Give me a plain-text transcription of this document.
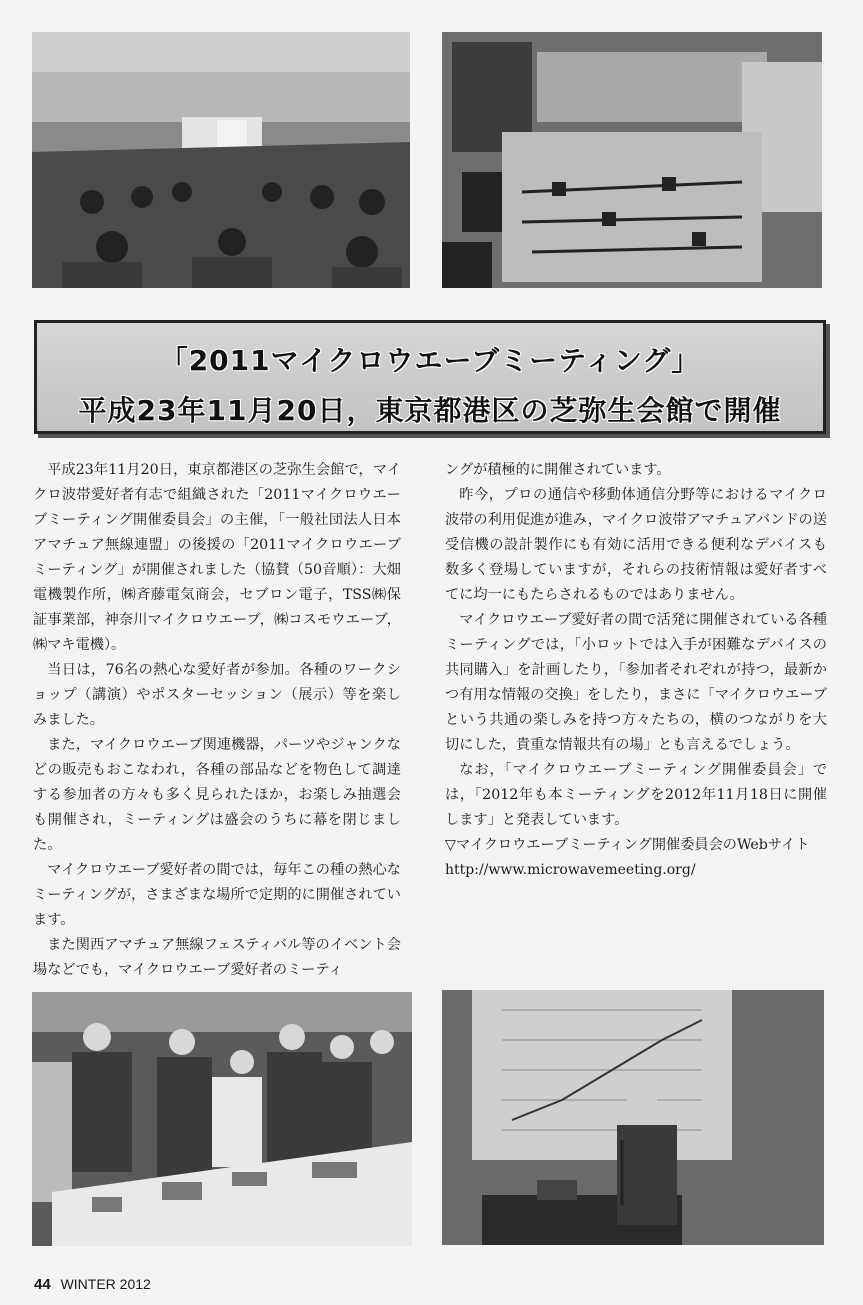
「2011マイクロウエーブミーティング」
平成23年11月20日，東京都港区の芝弥生会館で開催

平成23年11月20日，東京都港区の芝弥生会館で，マイクロ波帯愛好者有志で組織された「2011マイクロウエーブミーティング開催委員会」の主催，「一般社団法人日本アマチュア無線連盟」の後援の「2011マイクロウエーブミーティング」が開催されました（協賛（50音順）：大畑電機製作所，㈱斉藤電気商会，セブロン電子，TSS㈱保証事業部，神奈川マイクロウエーブ，㈱コスモウエーブ，㈱マキ電機）。

当日は，76名の熱心な愛好者が参加。各種のワークショップ（講演）やポスターセッション（展示）等を楽しみました。

また，マイクロウエーブ関連機器，パーツやジャンクなどの販売もおこなわれ，各種の部品などを物色して調達する参加者の方々も多く見られたほか，お楽しみ抽選会も開催され，ミーティングは盛会のうちに幕を閉じました。

マイクロウエーブ愛好者の間では，毎年この種の熱心なミーティングが，さまざまな場所で定期的に開催されています。

また関西アマチュア無線フェスティバル等のイベント会場などでも，マイクロウエーブ愛好者のミーティ

ングが積極的に開催されています。

昨今，プロの通信や移動体通信分野等におけるマイクロ波帯の利用促進が進み，マイクロ波帯アマチュアバンドの送受信機の設計製作にも有効に活用できる便利なデバイスも数多く登場していますが，それらの技術情報は愛好者すべてに均一にもたらされるものではありません。

マイクロウエーブ愛好者の間で活発に開催されている各種ミーティングでは，「小ロットでは入手が困難なデバイスの共同購入」を計画したり，「参加者それぞれが持つ，最新かつ有用な情報の交換」をしたり，まさに「マイクロウエーブという共通の楽しみを持つ方々たちの，横のつながりを大切にした，貴重な情報共有の場」とも言えるでしょう。

なお，「マイクロウエーブミーティング開催委員会」では，「2012年も本ミーティングを2012年11月18日に開催します」と発表しています。

▽マイクロウエーブミーティング開催委員会のWebサイト

http://www.microwavemeeting.org/

44 WINTER 2012
